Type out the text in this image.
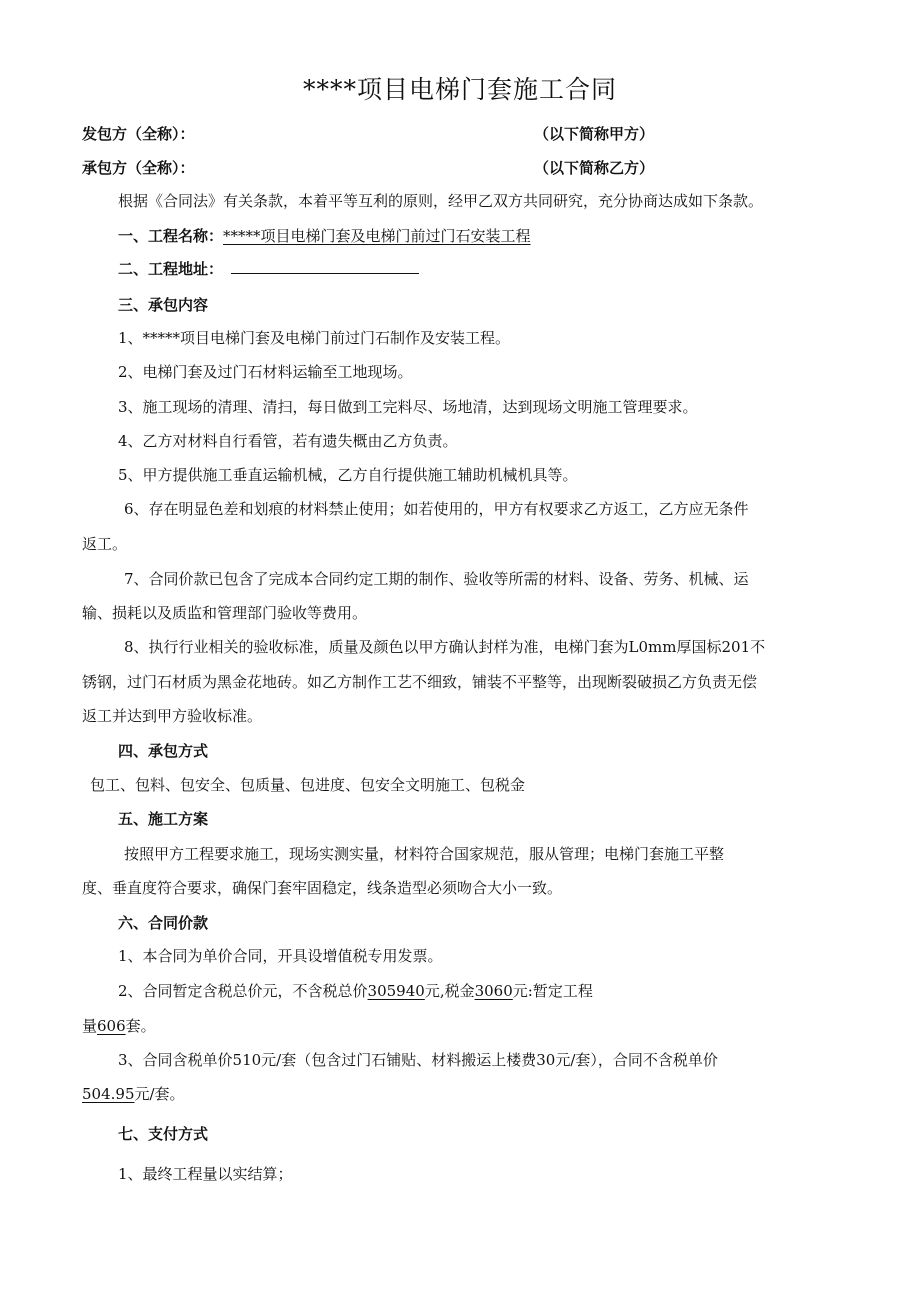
****项目电梯门套施工合同
发包方（全称）：	（以下简称甲方）
承包方（全称）：	（以下简称乙方）
根据《合同法》有关条款，本着平等互利的原则，经甲乙双方共同研究，充分协商达成如下条款。
一、工程名称：*****项目电梯门套及电梯门前过门石安装工程
二、工程地址：
三、承包内容
1、*****项目电梯门套及电梯门前过门石制作及安装工程。
2、电梯门套及过门石材料运输至工地现场。
3、施工现场的清理、清扫，每日做到工完料尽、场地清，达到现场文明施工管理要求。
4、乙方对材料自行看管，若有遗失概由乙方负责。
5、甲方提供施工垂直运输机械，乙方自行提供施工辅助机械机具等。
6、存在明显色差和划痕的材料禁止使用；如若使用的，甲方有权要求乙方返工，乙方应无条件
返工。
7、合同价款已包含了完成本合同约定工期的制作、验收等所需的材料、设备、劳务、机械、运
输、损耗以及质监和管理部门验收等费用。
8、执行行业相关的验收标准，质量及颜色以甲方确认封样为准，电梯门套为L0mm厚国标201不
锈钢，过门石材质为黑金花地砖。如乙方制作工艺不细致，铺装不平整等，出现断裂破损乙方负责无偿
返工并达到甲方验收标准。
四、承包方式
包工、包料、包安全、包质量、包进度、包安全文明施工、包税金
五、施工方案
按照甲方工程要求施工，现场实测实量，材料符合国家规范，服从管理；电梯门套施工平整
度、垂直度符合要求，确保门套牢固稳定，线条造型必须吻合大小一致。
六、合同价款
1、本合同为单价合同，开具设增值税专用发票。
2、合同暂定含税总价元，不含税总价305940元,税金3060元:暂定工程
量606套。
3、合同含税单价510元/套（包含过门石铺贴、材料搬运上楼费30元/套），合同不含税单价
504.95元/套。
七、支付方式
1、最终工程量以实结算；
